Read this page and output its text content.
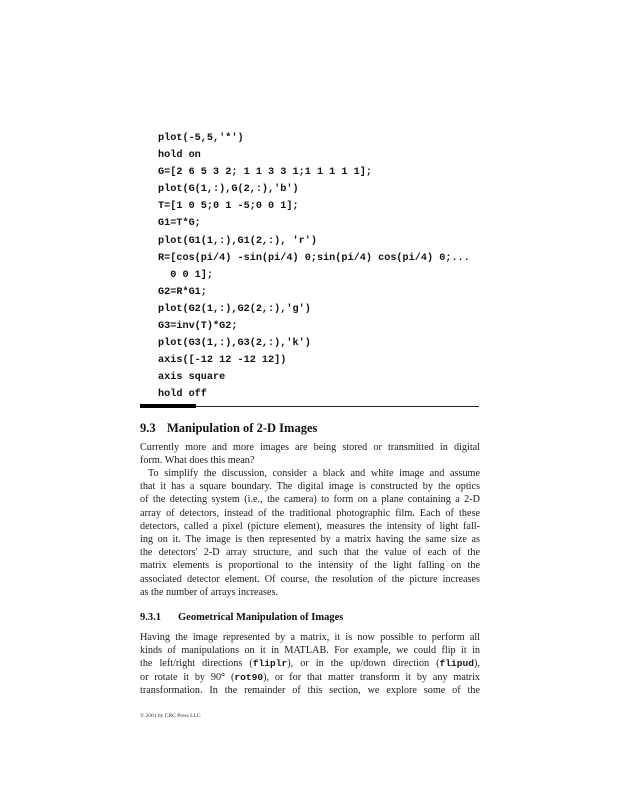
plot(-5,5,'*')
hold on
G=[2 6 5 3 2; 1 1 3 3 1;1 1 1 1 1];
plot(G(1,:),G(2,:),'b')
T=[1 0 5;0 1 -5;0 0 1];
G1=T*G;
plot(G1(1,:),G1(2,:), 'r')
R=[cos(pi/4) -sin(pi/4) 0;sin(pi/4) cos(pi/4) 0;...
0 0 1];
G2=R*G1;
plot(G2(1,:),G2(2,:),'g')
G3=inv(T)*G2;
plot(G3(1,:),G3(2,:),'k')
axis([-12 12 -12 12])
axis square
hold off
9.3 Manipulation of 2-D Images
Currently more and more images are being stored or transmitted in digital
form. What does this mean?
To simplify the discussion, consider a black and white image and assume
that it has a square boundary. The digital image is constructed by the optics
of the detecting system (i.e., the camera) to form on a plane containing a 2-D
array of detectors, instead of the traditional photographic film. Each of these
detectors, called a pixel (picture element), measures the intensity of light fall-
ing on it. The image is then represented by a matrix having the same size as
the detectors' 2-D array structure, and such that the value of each of the
matrix elements is proportional to the intensity of the light falling on the
associated detector element. Of course, the resolution of the picture increases
as the number of arrays increases.
9.3.1 Geometrical Manipulation of Images
Having the image represented by a matrix, it is now possible to perform all
kinds of manipulations on it in MATLAB. For example, we could flip it in
the left/right directions (fliplr), or in the up/down direction (flipud),
or rotate it by 90° (rot90), or for that matter transform it by any matrix
transformation. In the remainder of this section, we explore some of the
© 2001 by CRC Press LLC
